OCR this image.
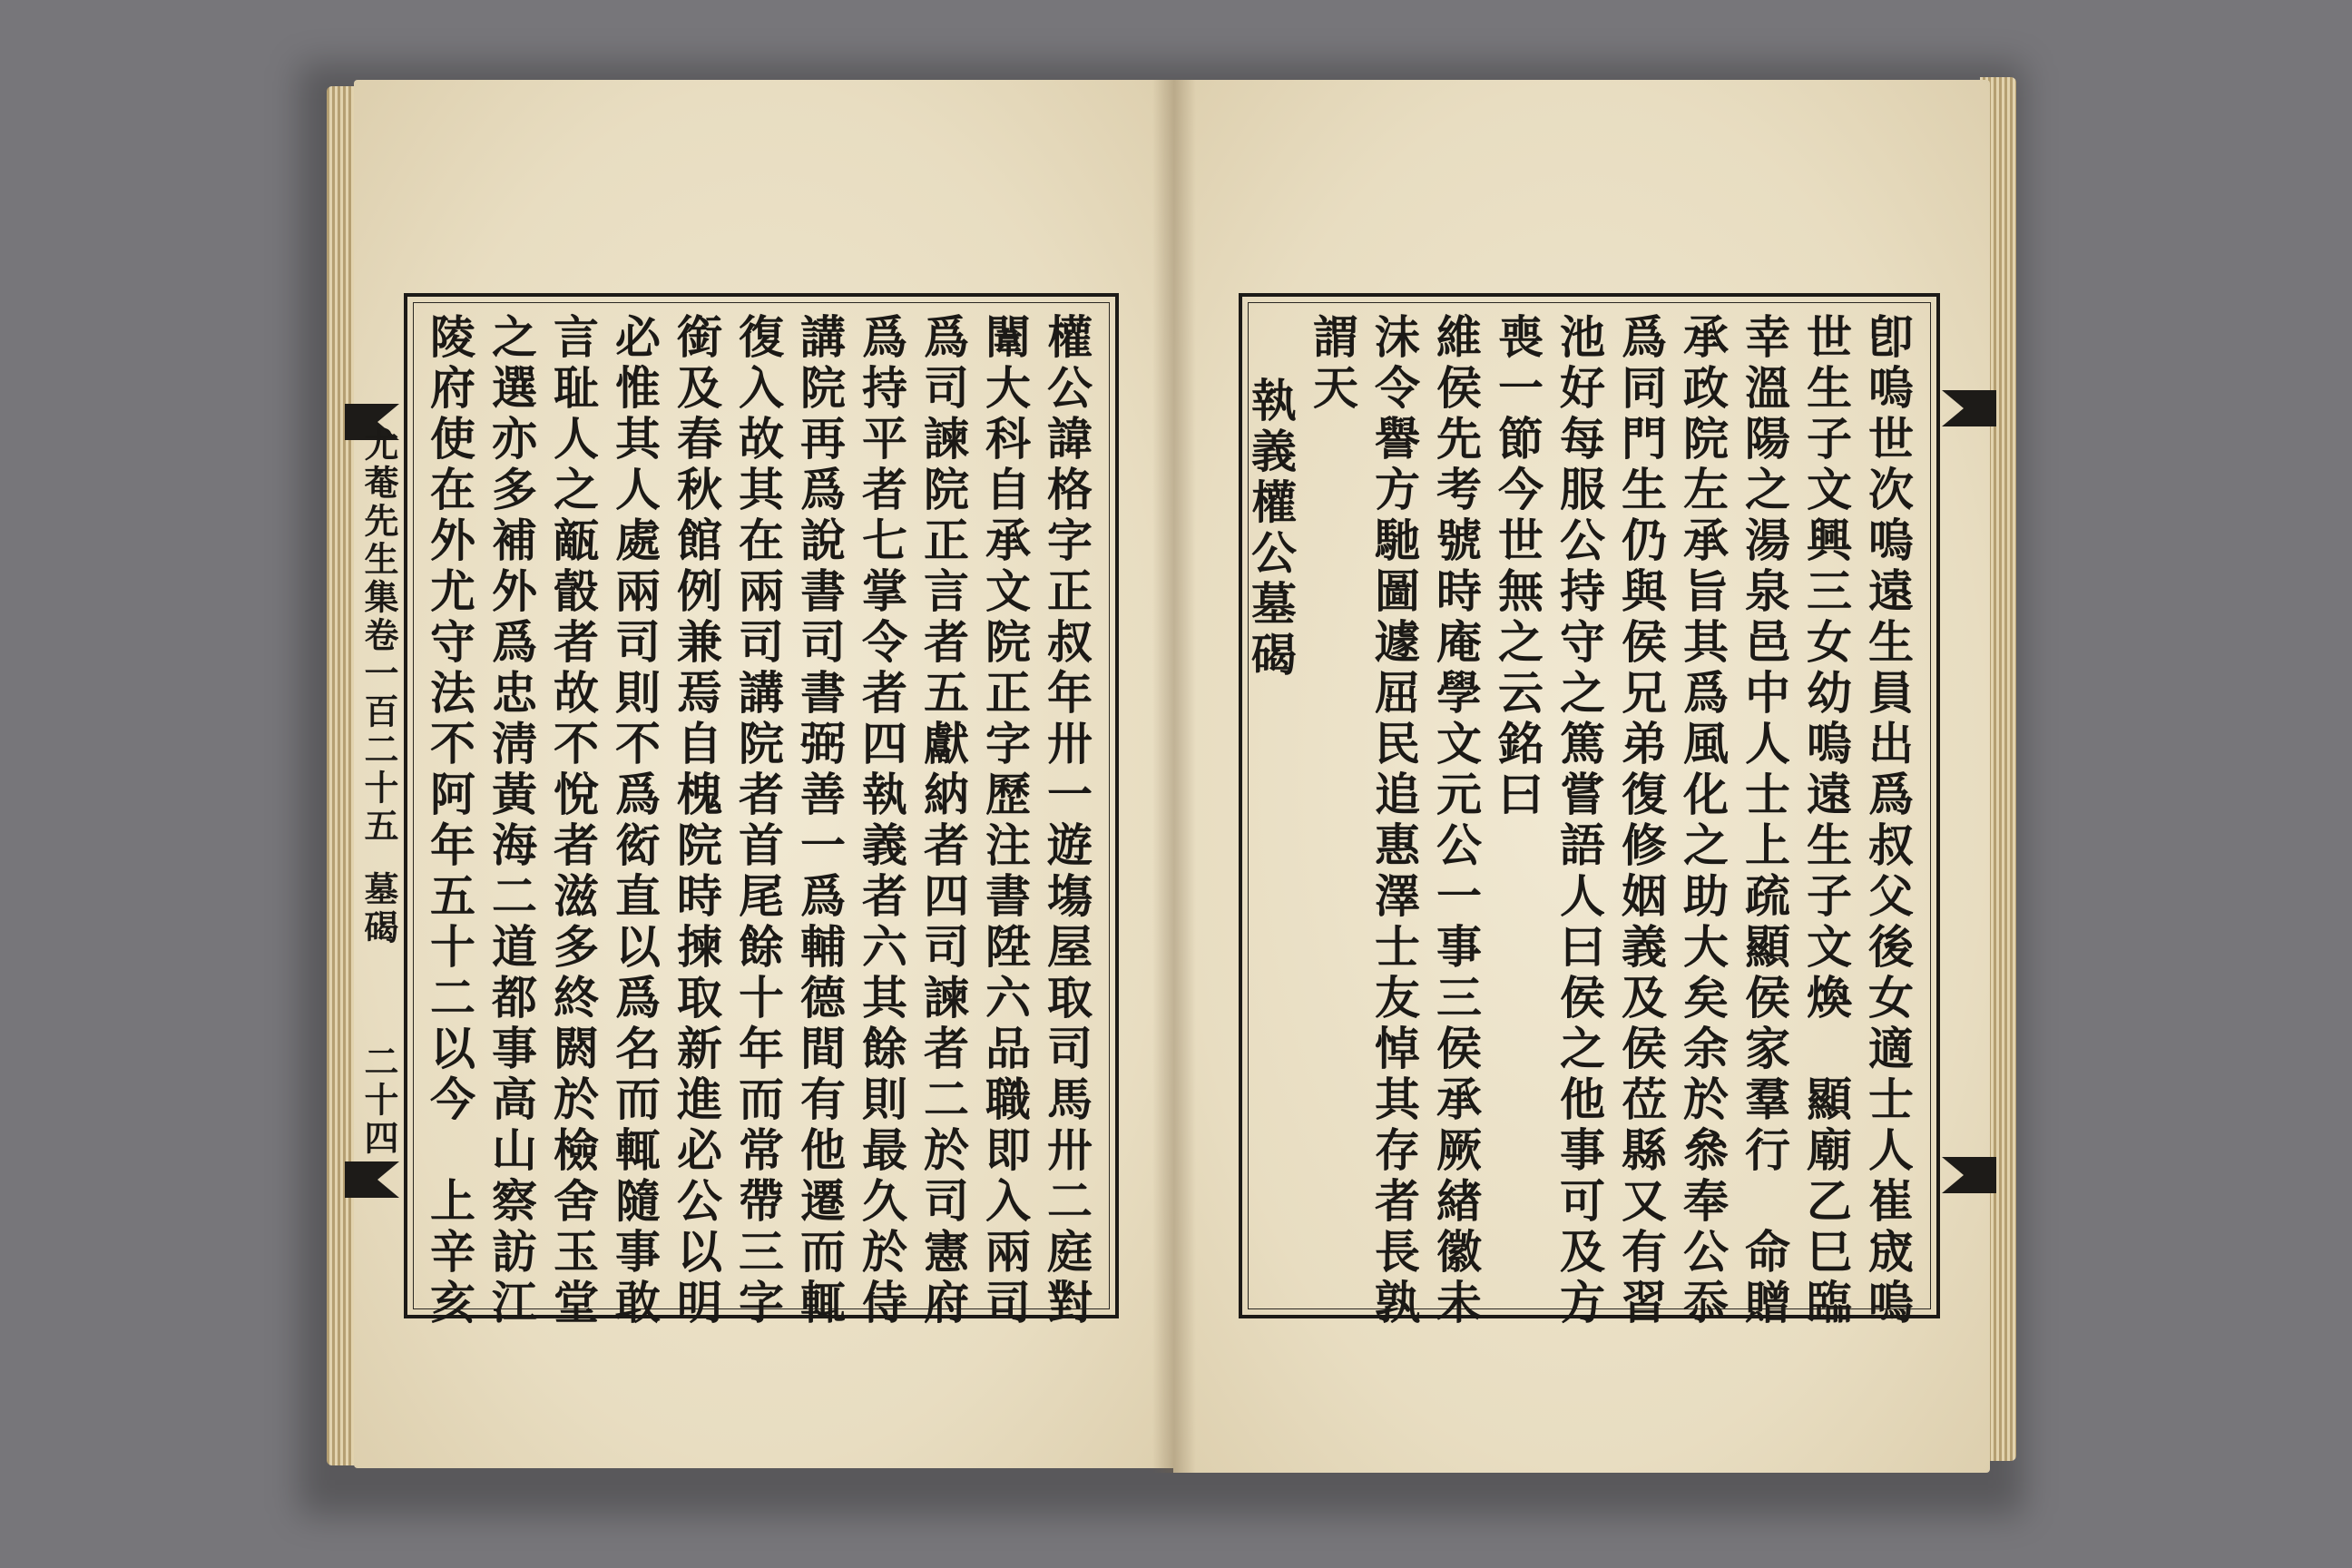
尤菴先生集卷一百二十五
墓碣
二十四	權公諱格字正叔年卅一遊塲屋取司馬卅二庭對
闈大科自承文院正字歷注書陞六品職即入兩司
爲司諫院正言者五獻納者四司諫者二於司憲府
爲持平者七掌令者四執義者六其餘則最久於侍
講院再爲說書司書弼善一爲輔德間有他遷而輒
復入故其在兩司講院者首尾餘十年而常帶三字
銜及春秋館例兼焉自槐院時揀取新進必公以明
必惟其人處兩司則不爲衒直以爲名而輒隨事敢
言耻人之甋瞉者故不悅者滋多終閼於檢舍玉堂
之選亦多補外爲忠淸黃海二道都事高山察訪江
陵府使在外尤守法不阿年五十二以今　上辛亥	卽嗚世次嗚遠生員出爲叔父後女適士人崔宬嗚
世生子文興三女幼嗚遠生子文煥　顯廟乙巳臨
幸溫陽之湯泉邑中人士上疏顯侯家羣行　命贈
承政院左承旨其爲風化之助大矣余於叅奉公忝
爲同門生仍與侯兄弟復修姻義及侯莅縣又有習
池好每服公持守之篤嘗語人曰侯之他事可及方
喪一節今世無之云銘曰
維侯先考號時庵學文元公一事三侯承厥緖徽未
沬令譽方馳圖遽屈民追惠澤士友悼其存者長孰
謂天
執義權公墓碣
